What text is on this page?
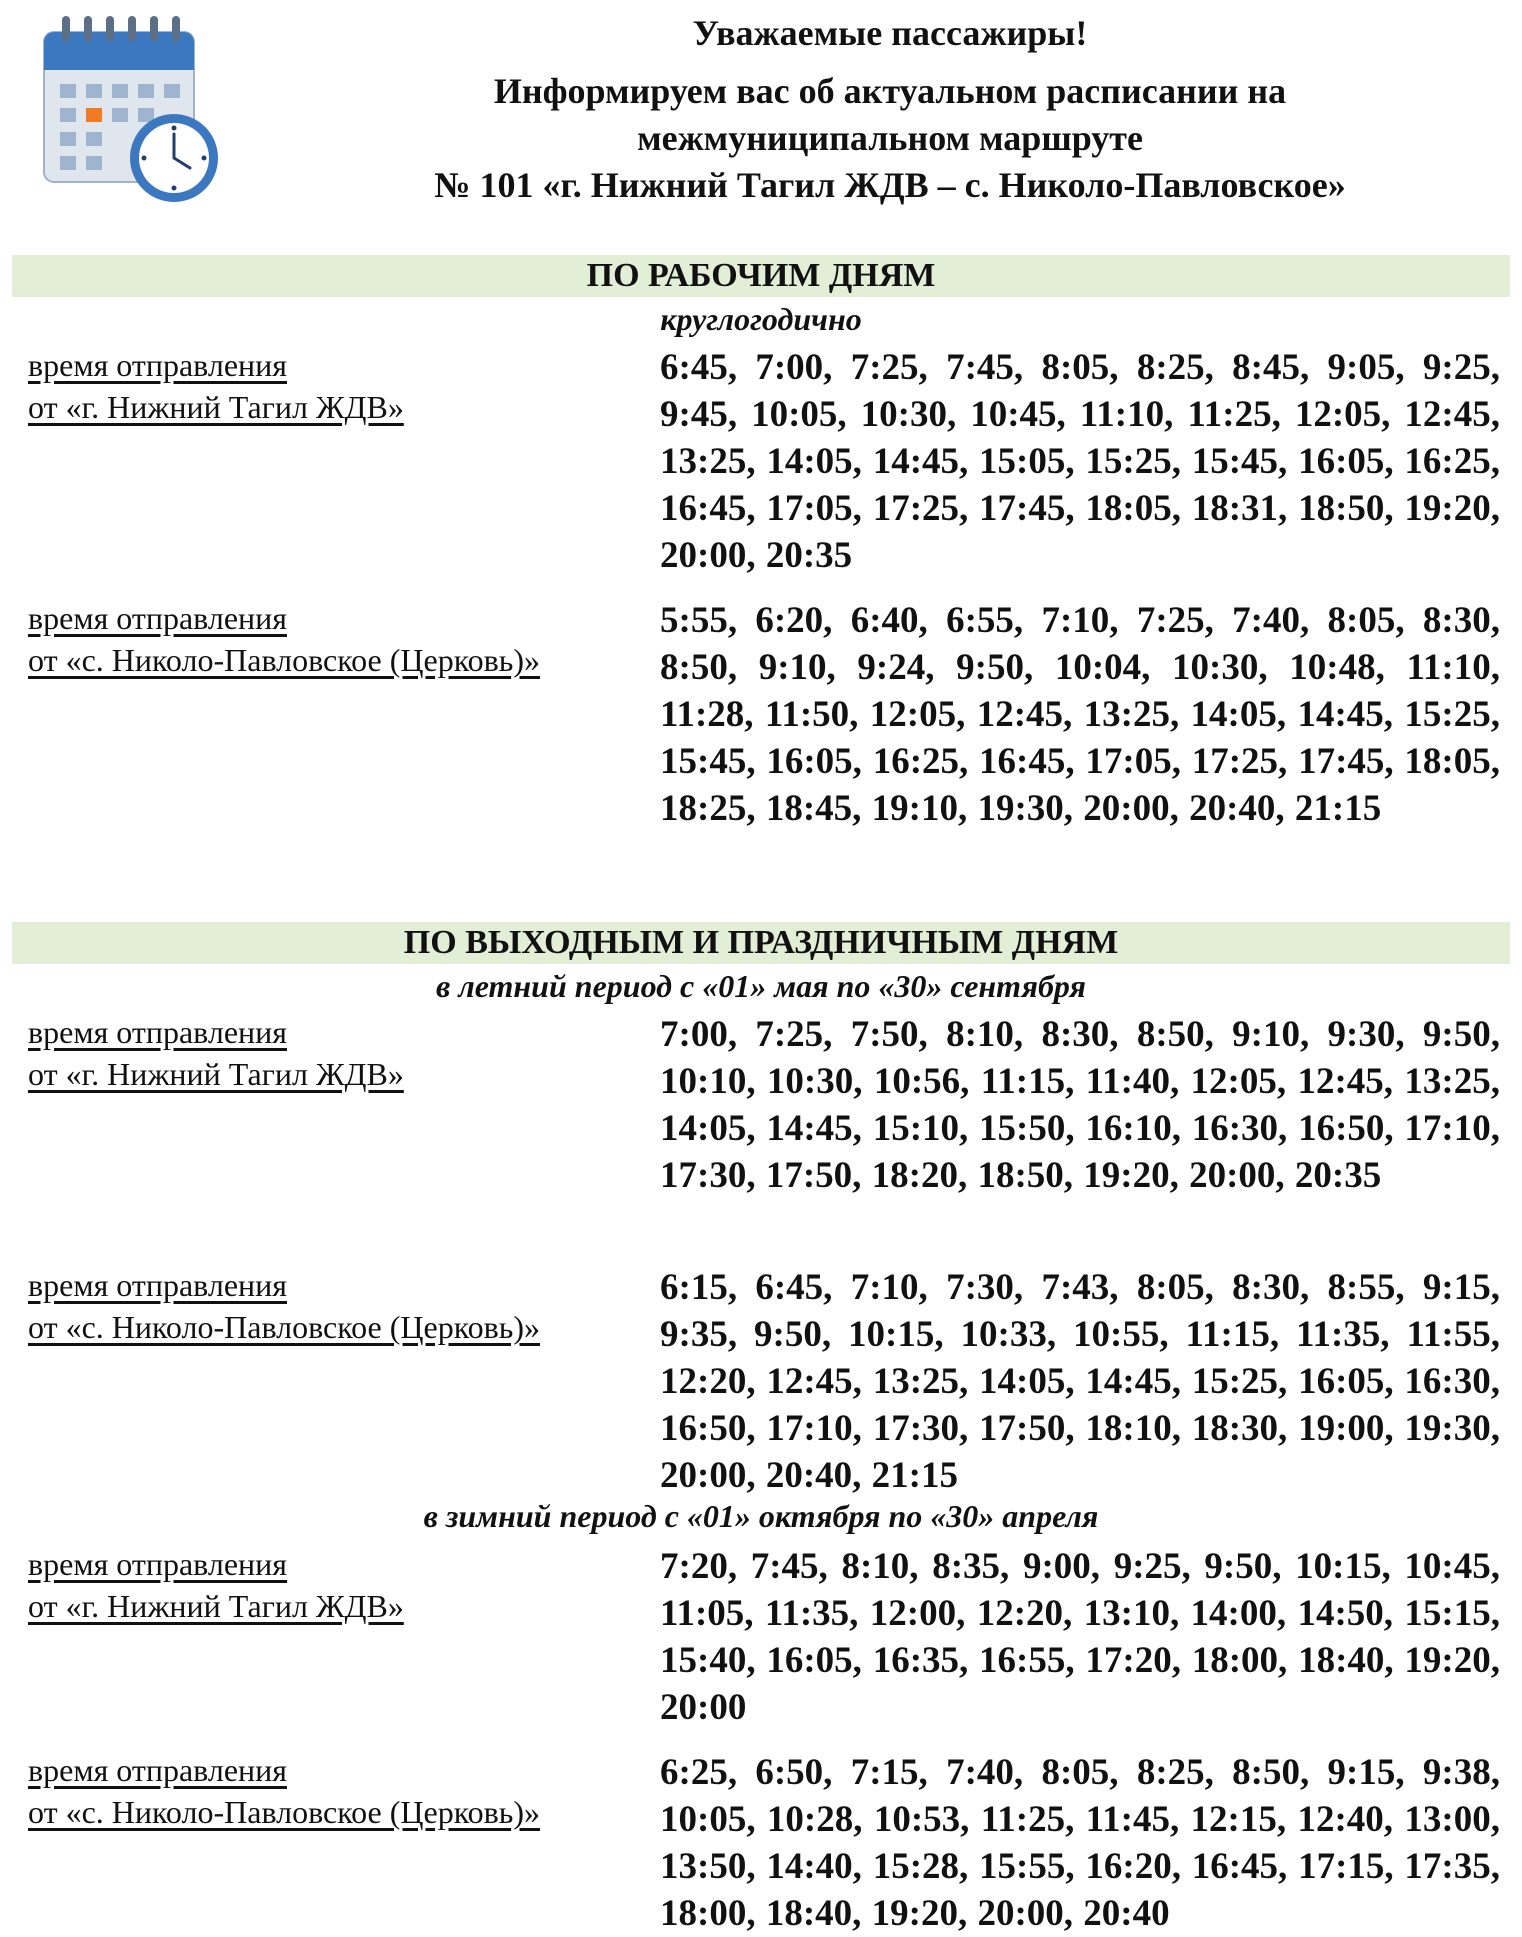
Уважаемые пассажиры!
Информируем вас об актуальном расписании на
межмуниципальном маршруте
№ 101 «г. Нижний Тагил ЖДВ – с. Николо-Павловское»
ПО РАБОЧИМ ДНЯМ
круглогодично
время отправления
от «г. Нижний Тагил ЖДВ»
6:45, 7:00, 7:25, 7:45, 8:05, 8:25, 8:45, 9:05, 9:25, 9:45, 10:05, 10:30, 10:45, 11:10, 11:25, 12:05, 12:45, 13:25, 14:05, 14:45, 15:05, 15:25, 15:45, 16:05, 16:25, 16:45, 17:05, 17:25, 17:45, 18:05, 18:31, 18:50, 19:20, 20:00, 20:35
время отправления
от «с. Николо-Павловское (Церковь)»
5:55, 6:20, 6:40, 6:55, 7:10, 7:25, 7:40, 8:05, 8:30, 8:50, 9:10, 9:24, 9:50, 10:04, 10:30, 10:48, 11:10, 11:28, 11:50, 12:05, 12:45, 13:25, 14:05, 14:45, 15:25, 15:45, 16:05, 16:25, 16:45, 17:05, 17:25, 17:45, 18:05, 18:25, 18:45, 19:10, 19:30, 20:00, 20:40, 21:15
ПО ВЫХОДНЫМ И ПРАЗДНИЧНЫМ ДНЯМ
в летний период с «01» мая по «30» сентября
время отправления
от «г. Нижний Тагил ЖДВ»
7:00, 7:25, 7:50, 8:10, 8:30, 8:50, 9:10, 9:30, 9:50, 10:10, 10:30, 10:56, 11:15, 11:40, 12:05, 12:45, 13:25, 14:05, 14:45, 15:10, 15:50, 16:10, 16:30, 16:50, 17:10, 17:30, 17:50, 18:20, 18:50, 19:20, 20:00, 20:35
время отправления
от «с. Николо-Павловское (Церковь)»
6:15, 6:45, 7:10, 7:30, 7:43, 8:05, 8:30, 8:55, 9:15, 9:35, 9:50, 10:15, 10:33, 10:55, 11:15, 11:35, 11:55, 12:20, 12:45, 13:25, 14:05, 14:45, 15:25, 16:05, 16:30, 16:50, 17:10, 17:30, 17:50, 18:10, 18:30, 19:00, 19:30, 20:00, 20:40, 21:15
в зимний период с «01» октября по «30» апреля
время отправления
от «г. Нижний Тагил ЖДВ»
7:20, 7:45, 8:10, 8:35, 9:00, 9:25, 9:50, 10:15, 10:45, 11:05, 11:35, 12:00, 12:20, 13:10, 14:00, 14:50, 15:15, 15:40, 16:05, 16:35, 16:55, 17:20, 18:00, 18:40, 19:20, 20:00
время отправления
от «с. Николо-Павловское (Церковь)»
6:25, 6:50, 7:15, 7:40, 8:05, 8:25, 8:50, 9:15, 9:38, 10:05, 10:28, 10:53, 11:25, 11:45, 12:15, 12:40, 13:00, 13:50, 14:40, 15:28, 15:55, 16:20, 16:45, 17:15, 17:35, 18:00, 18:40, 19:20, 20:00, 20:40
